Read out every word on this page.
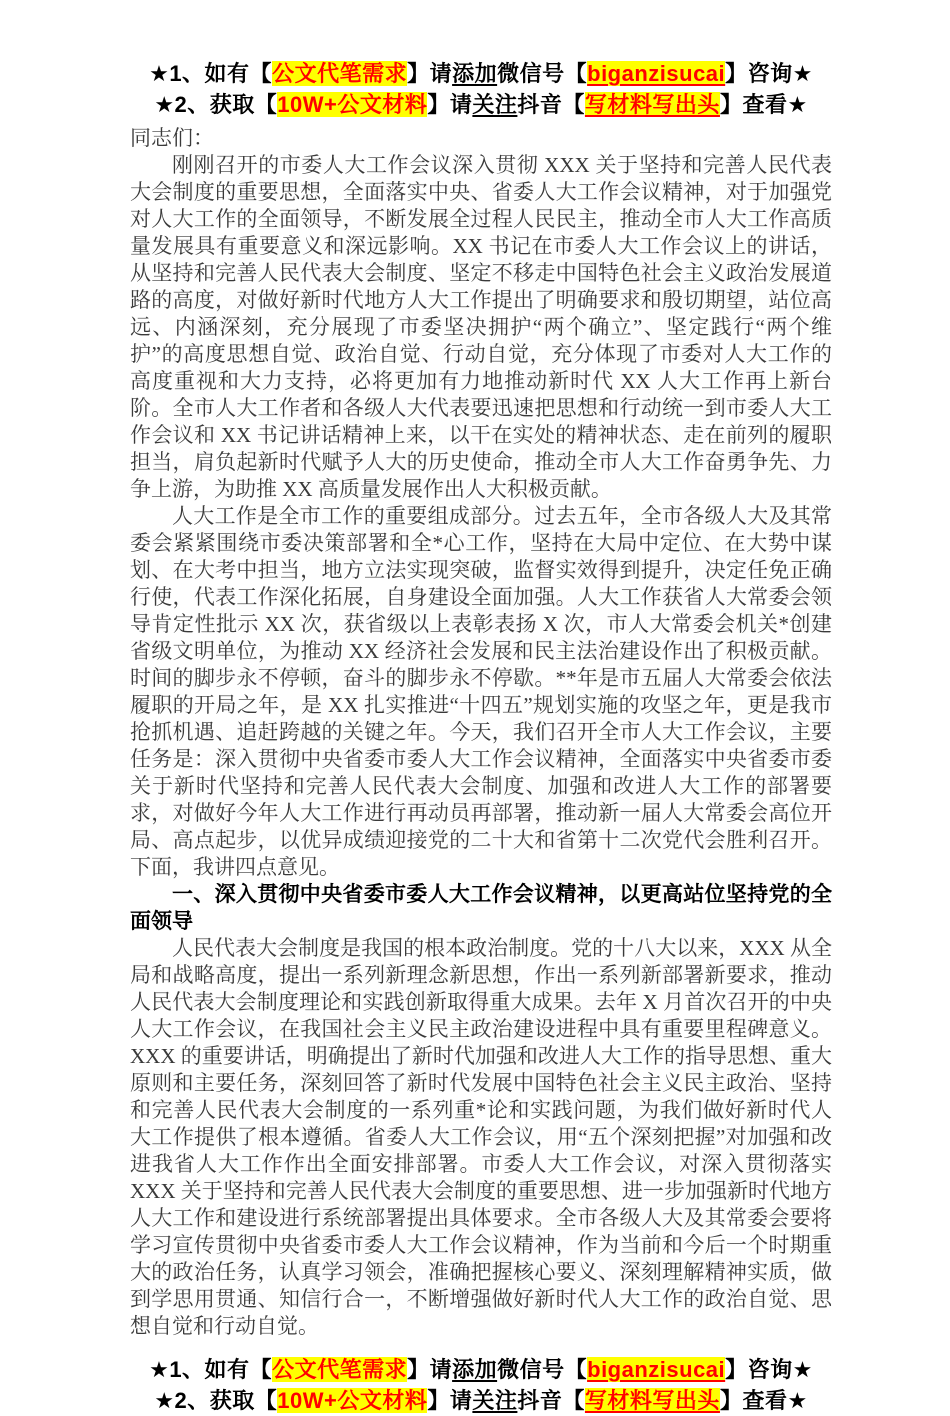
★1、如有【公文代笔需求】请添加微信号【biganzisucai】咨询★
★2、获取【10W+公文材料】请关注抖音【写材料写出头】查看★

同志们：

刚刚召开的市委人大工作会议深入贯彻 XXX 关于坚持和完善人民代表大会制度的重要思想，全面落实中央、省委人大工作会议精神，对于加强党对人大工作的全面领导，不断发展全过程人民民主，推动全市人大工作高质量发展具有重要意义和深远影响。XX 书记在市委人大工作会议上的讲话，从坚持和完善人民代表大会制度、坚定不移走中国特色社会主义政治发展道路的高度，对做好新时代地方人大工作提出了明确要求和殷切期望，站位高远、内涵深刻，充分展现了市委坚决拥护“两个确立”、坚定践行“两个维护”的高度思想自觉、政治自觉、行动自觉，充分体现了市委对人大工作的高度重视和大力支持，必将更加有力地推动新时代 XX 人大工作再上新台阶。全市人大工作者和各级人大代表要迅速把思想和行动统一到市委人大工作会议和 XX 书记讲话精神上来，以干在实处的精神状态、走在前列的履职担当，肩负起新时代赋予人大的历史使命，推动全市人大工作奋勇争先、力争上游，为助推 XX 高质量发展作出人大积极贡献。

人大工作是全市工作的重要组成部分。过去五年，全市各级人大及其常委会紧紧围绕市委决策部署和全*心工作，坚持在大局中定位、在大势中谋划、在大考中担当，地方立法实现突破，监督实效得到提升，决定任免正确行使，代表工作深化拓展，自身建设全面加强。人大工作获省人大常委会领导肯定性批示 XX 次，获省级以上表彰表扬 X 次，市人大常委会机关*创建省级文明单位，为推动 XX 经济社会发展和民主法治建设作出了积极贡献。时间的脚步永不停顿，奋斗的脚步永不停歇。**年是市五届人大常委会依法履职的开局之年，是 XX 扎实推进“十四五”规划实施的攻坚之年，更是我市抢抓机遇、追赶跨越的关键之年。今天，我们召开全市人大工作会议，主要任务是：深入贯彻中央省委市委人大工作会议精神，全面落实中央省委市委关于新时代坚持和完善人民代表大会制度、加强和改进人大工作的部署要求，对做好今年人大工作进行再动员再部署，推动新一届人大常委会高位开局、高点起步，以优异成绩迎接党的二十大和省第十二次党代会胜利召开。下面，我讲四点意见。

一、深入贯彻中央省委市委人大工作会议精神，以更高站位坚持党的全面领导

人民代表大会制度是我国的根本政治制度。党的十八大以来，XXX 从全局和战略高度，提出一系列新理念新思想，作出一系列新部署新要求，推动人民代表大会制度理论和实践创新取得重大成果。去年 X 月首次召开的中央人大工作会议，在我国社会主义民主政治建设进程中具有重要里程碑意义。XXX 的重要讲话，明确提出了新时代加强和改进人大工作的指导思想、重大原则和主要任务，深刻回答了新时代发展中国特色社会主义民主政治、坚持和完善人民代表大会制度的一系列重*论和实践问题，为我们做好新时代人大工作提供了根本遵循。省委人大工作会议，用“五个深刻把握”对加强和改进我省人大工作作出全面安排部署。市委人大工作会议，对深入贯彻落实 XXX 关于坚持和完善人民代表大会制度的重要思想、进一步加强新时代地方人大工作和建设进行系统部署提出具体要求。全市各级人大及其常委会要将学习宣传贯彻中央省委市委人大工作会议精神，作为当前和今后一个时期重大的政治任务，认真学习领会，准确把握核心要义、深刻理解精神实质，做到学思用贯通、知信行合一，不断增强做好新时代人大工作的政治自觉、思想自觉和行动自觉。

★1、如有【公文代笔需求】请添加微信号【biganzisucai】咨询★
★2、获取【10W+公文材料】请关注抖音【写材料写出头】查看★
